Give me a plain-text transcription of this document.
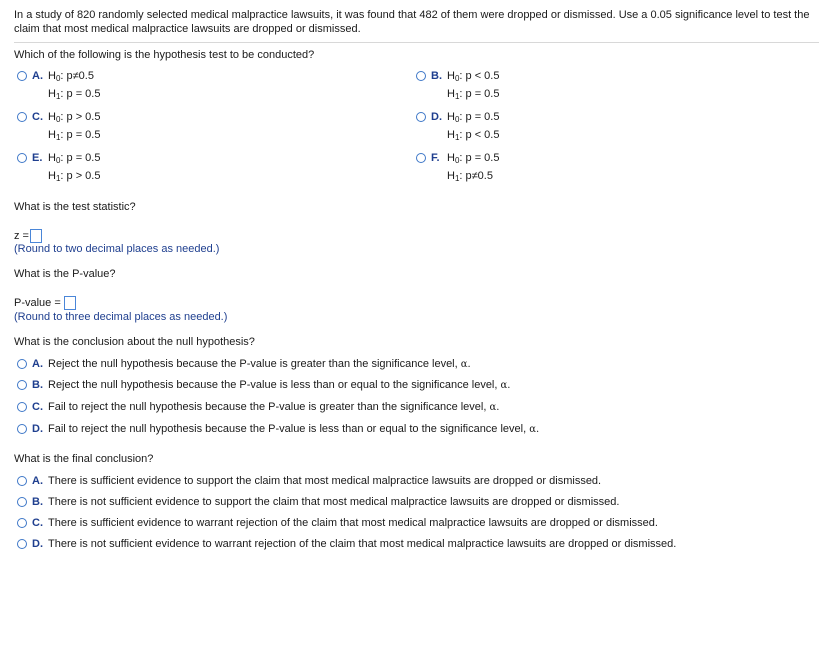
In a study of 820 randomly selected medical malpractice lawsuits, it was found that 482 of them were dropped or dismissed. Use a 0.05 significance level to test the claim that most medical malpractice lawsuits are dropped or dismissed.
Which of the following is the hypothesis test to be conducted?
A. $H_0$: p≠0.5
$H_1$: p = 0.5
B. $H_0$: p < 0.5
$H_1$: p = 0.5
C. $H_0$: p > 0.5
$H_1$: p = 0.5
D. $H_0$: p = 0.5
$H_1$: p < 0.5
E. $H_0$: p = 0.5
$H_1$: p > 0.5
F. $H_0$: p = 0.5
$H_1$: p≠0.5
What is the test statistic?
z =
(Round to two decimal places as needed.)
What is the P-value?
P-value =
(Round to three decimal places as needed.)
What is the conclusion about the null hypothesis?
A. Reject the null hypothesis because the P-value is greater than the significance level, α.
B. Reject the null hypothesis because the P-value is less than or equal to the significance level, α.
C. Fail to reject the null hypothesis because the P-value is greater than the significance level, α.
D. Fail to reject the null hypothesis because the P-value is less than or equal to the significance level, α.
What is the final conclusion?
A. There is sufficient evidence to support the claim that most medical malpractice lawsuits are dropped or dismissed.
B. There is not sufficient evidence to support the claim that most medical malpractice lawsuits are dropped or dismissed.
C. There is sufficient evidence to warrant rejection of the claim that most medical malpractice lawsuits are dropped or dismissed.
D. There is not sufficient evidence to warrant rejection of the claim that most medical malpractice lawsuits are dropped or dismissed.
